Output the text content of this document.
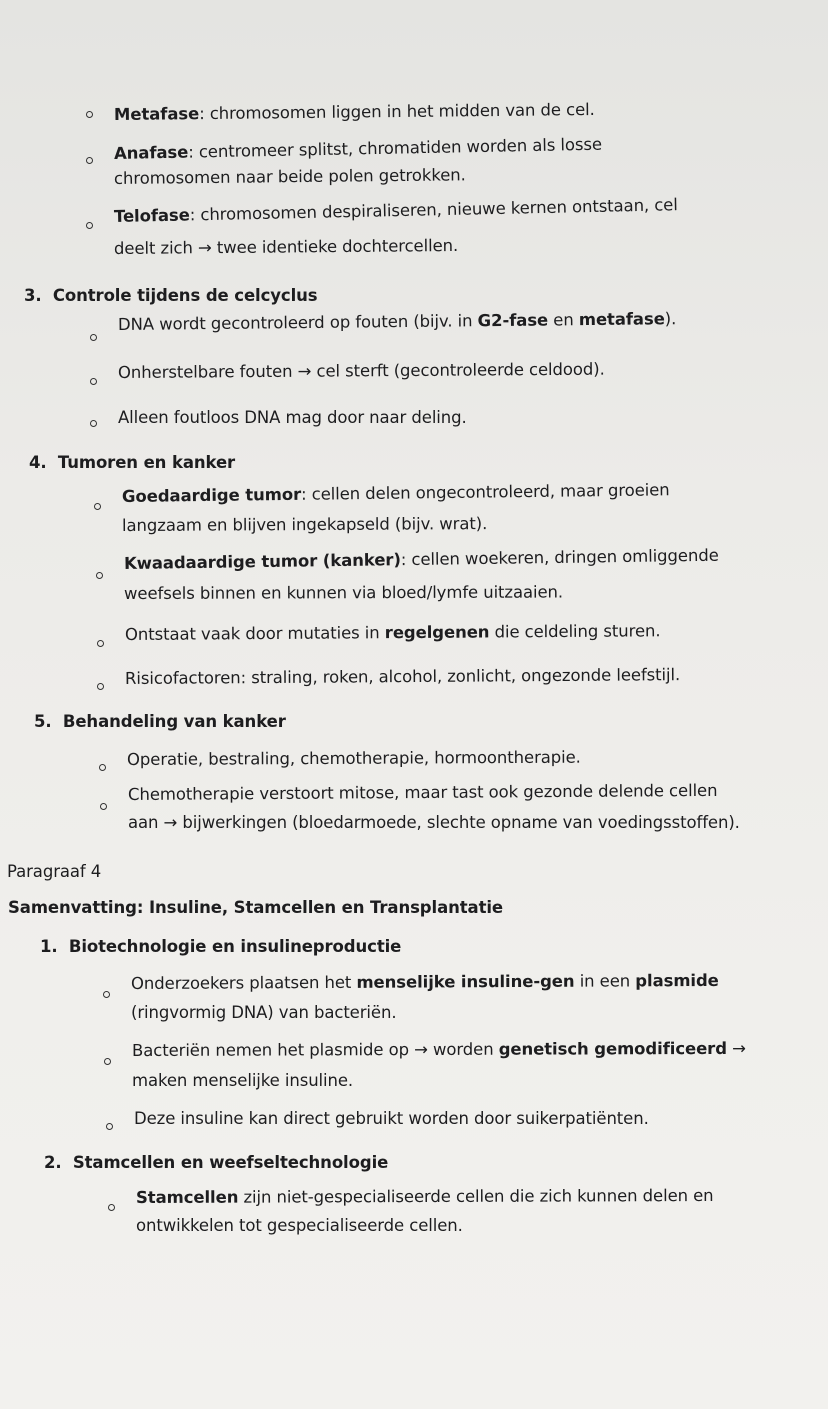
Metafase: chromosomen liggen in het midden van de cel.
Anafase: centromeer splitst, chromatiden worden als losse
chromosomen naar beide polen getrokken.
Telofase: chromosomen despiraliseren, nieuwe kernen ontstaan, cel
deelt zich → twee identieke dochtercellen.
3. Controle tijdens de celcyclus
DNA wordt gecontroleerd op fouten (bijv. in G2-fase en metafase).
Onherstelbare fouten → cel sterft (gecontroleerde celdood).
Alleen foutloos DNA mag door naar deling.
4. Tumoren en kanker
Goedaardige tumor: cellen delen ongecontroleerd, maar groeien
langzaam en blijven ingekapseld (bijv. wrat).
Kwaadaardige tumor (kanker): cellen woekeren, dringen omliggende
weefsels binnen en kunnen via bloed/lymfe uitzaaien.
Ontstaat vaak door mutaties in regelgenen die celdeling sturen.
Risicofactoren: straling, roken, alcohol, zonlicht, ongezonde leefstijl.
5. Behandeling van kanker
Operatie, bestraling, chemotherapie, hormoontherapie.
Chemotherapie verstoort mitose, maar tast ook gezonde delende cellen
aan → bijwerkingen (bloedarmoede, slechte opname van voedingsstoffen).
Paragraaf 4
Samenvatting: Insuline, Stamcellen en Transplantatie
1. Biotechnologie en insulineproductie
Onderzoekers plaatsen het menselijke insuline-gen in een plasmide
(ringvormig DNA) van bacteriën.
Bacteriën nemen het plasmide op → worden genetisch gemodificeerd →
maken menselijke insuline.
Deze insuline kan direct gebruikt worden door suikerpatiënten.
2. Stamcellen en weefseltechnologie
Stamcellen zijn niet-gespecialiseerde cellen die zich kunnen delen en
ontwikkelen tot gespecialiseerde cellen.
